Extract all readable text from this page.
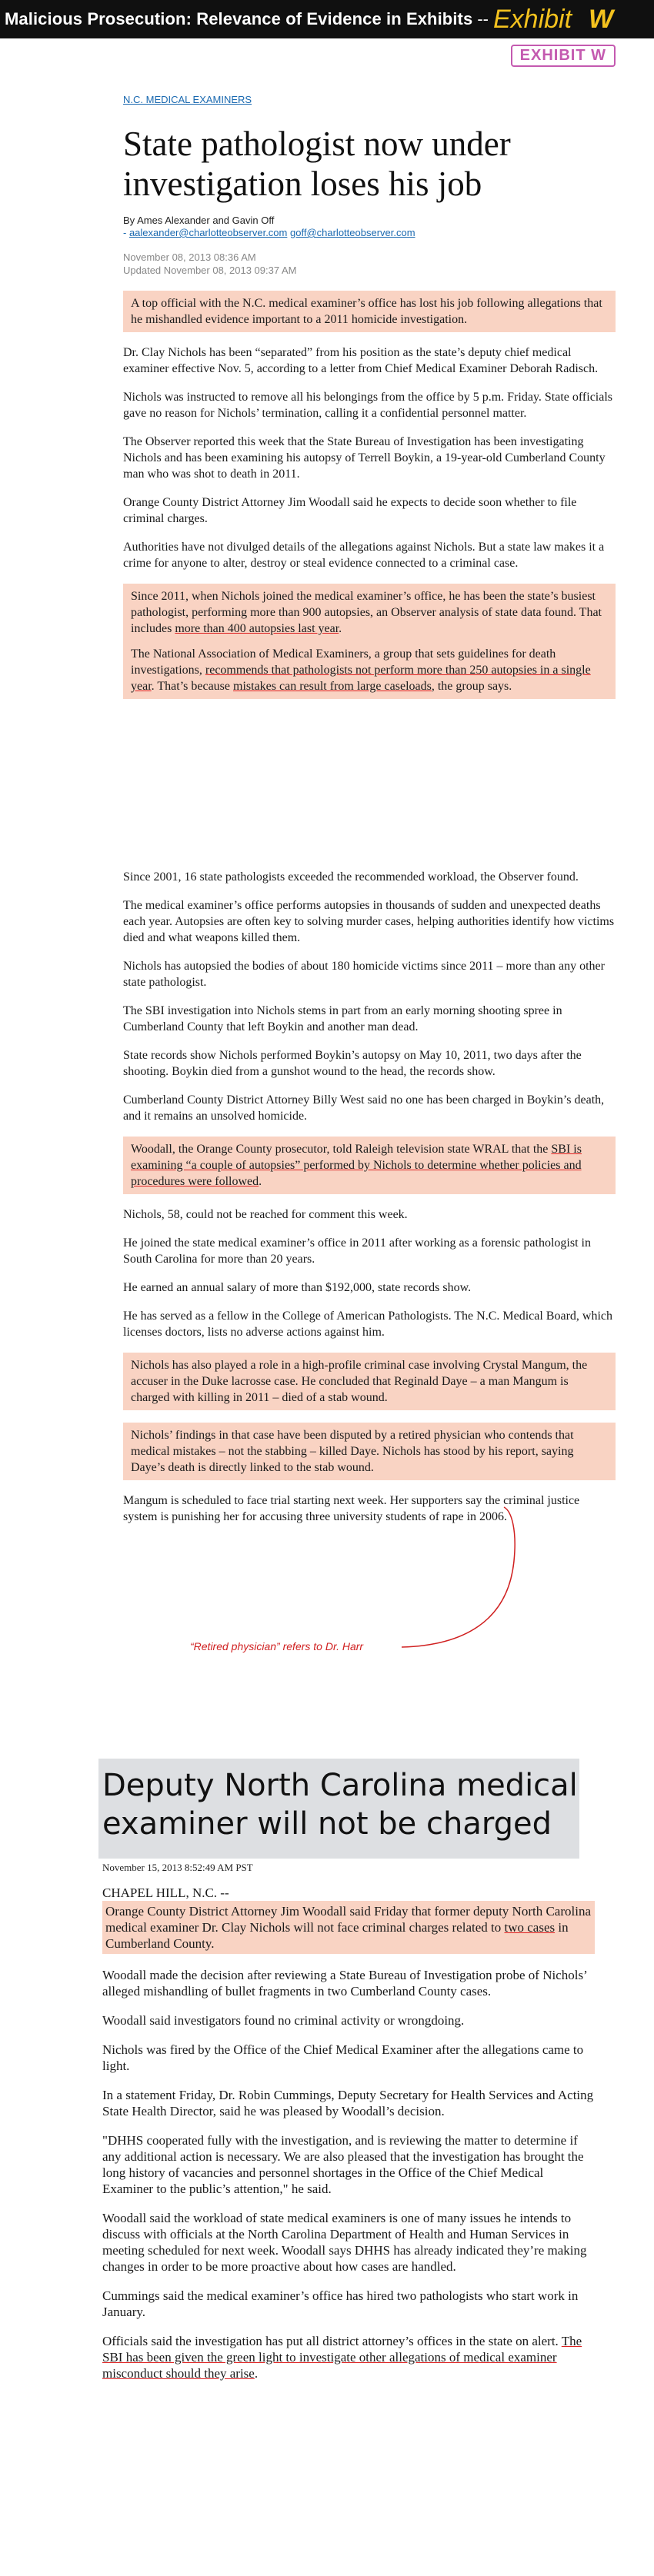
Malicious Prosecution: Relevance of Evidence in Exhibits -- Exhibit W
EXHIBIT W

N.C. MEDICAL EXAMINERS

State pathologist now under investigation loses his job

By Ames Alexander and Gavin Off

- aalexander@charlotteobserver.com goff@charlotteobserver.com

November 08, 2013 08:36 AM
Updated November 08, 2013 09:37 AM

A top official with the N.C. medical examiner’s office has lost his job following allegations that he mishandled evidence important to a 2011 homicide investigation.

Dr. Clay Nichols has been “separated” from his position as the state’s deputy chief medical examiner effective Nov. 5, according to a letter from Chief Medical Examiner Deborah Radisch.

Nichols was instructed to remove all his belongings from the office by 5 p.m. Friday. State officials gave no reason for Nichols’ termination, calling it a confidential personnel matter.

The Observer reported this week that the State Bureau of Investigation has been investigating Nichols and has been examining his autopsy of Terrell Boykin, a 19-year-old Cumberland County man who was shot to death in 2011.

Orange County District Attorney Jim Woodall said he expects to decide soon whether to file criminal charges.

Authorities have not divulged details of the allegations against Nichols. But a state law makes it a crime for anyone to alter, destroy or steal evidence connected to a criminal case.

Since 2011, when Nichols joined the medical examiner’s office, he has been the state’s busiest pathologist, performing more than 900 autopsies, an Observer analysis of state data found. That includes more than 400 autopsies last year.

The National Association of Medical Examiners, a group that sets guidelines for death investigations, recommends that pathologists not perform more than 250 autopsies in a single year. That’s because mistakes can result from large caseloads, the group says.

Since 2001, 16 state pathologists exceeded the recommended workload, the Observer found.

The medical examiner’s office performs autopsies in thousands of sudden and unexpected deaths each year. Autopsies are often key to solving murder cases, helping authorities identify how victims died and what weapons killed them.

Nichols has autopsied the bodies of about 180 homicide victims since 2011 – more than any other state pathologist.

The SBI investigation into Nichols stems in part from an early morning shooting spree in Cumberland County that left Boykin and another man dead.

State records show Nichols performed Boykin’s autopsy on May 10, 2011, two days after the shooting. Boykin died from a gunshot wound to the head, the records show.

Cumberland County District Attorney Billy West said no one has been charged in Boykin’s death, and it remains an unsolved homicide.

Woodall, the Orange County prosecutor, told Raleigh television state WRAL that the SBI is examining “a couple of autopsies” performed by Nichols to determine whether policies and procedures were followed.

Nichols, 58, could not be reached for comment this week.

He joined the state medical examiner’s office in 2011 after working as a forensic pathologist in South Carolina for more than 20 years.

He earned an annual salary of more than $192,000, state records show.

He has served as a fellow in the College of American Pathologists. The N.C. Medical Board, which licenses doctors, lists no adverse actions against him.

Nichols has also played a role in a high-profile criminal case involving Crystal Mangum, the accuser in the Duke lacrosse case. He concluded that Reginald Daye – a man Mangum is charged with killing in 2011 – died of a stab wound.

Nichols’ findings in that case have been disputed by a retired physician who contends that medical mistakes – not the stabbing – killed Daye. Nichols has stood by his report, saying Daye’s death is directly linked to the stab wound.

Mangum is scheduled to face trial starting next week. Her supporters say the criminal justice system is punishing her for accusing three university students of rape in 2006.

“Retired physician” refers to Dr. Harr
Deputy North Carolina medical examiner will not be charged

November 15, 2013 8:52:49 AM PST

CHAPEL HILL, N.C. --

Orange County District Attorney Jim Woodall said Friday that former deputy North Carolina medical examiner Dr. Clay Nichols will not face criminal charges related to two cases in Cumberland County.

Woodall made the decision after reviewing a State Bureau of Investigation probe of Nichols’ alleged mishandling of bullet fragments in two Cumberland County cases.

Woodall said investigators found no criminal activity or wrongdoing.

Nichols was fired by the Office of the Chief Medical Examiner after the allegations came to light.

In a statement Friday, Dr. Robin Cummings, Deputy Secretary for Health Services and Acting State Health Director, said he was pleased by Woodall’s decision.

"DHHS cooperated fully with the investigation, and is reviewing the matter to determine if any additional action is necessary. We are also pleased that the investigation has brought the long history of vacancies and personnel shortages in the Office of the Chief Medical Examiner to the public’s attention," he said.

Woodall said the workload of state medical examiners is one of many issues he intends to discuss with officials at the North Carolina Department of Health and Human Services in meeting scheduled for next week. Woodall says DHHS has already indicated they’re making changes in order to be more proactive about how cases are handled.

Cummings said the medical examiner’s office has hired two pathologists who start work in January.

Officials said the investigation has put all district attorney’s offices in the state on alert. The SBI has been given the green light to investigate other allegations of medical examiner misconduct should they arise.
